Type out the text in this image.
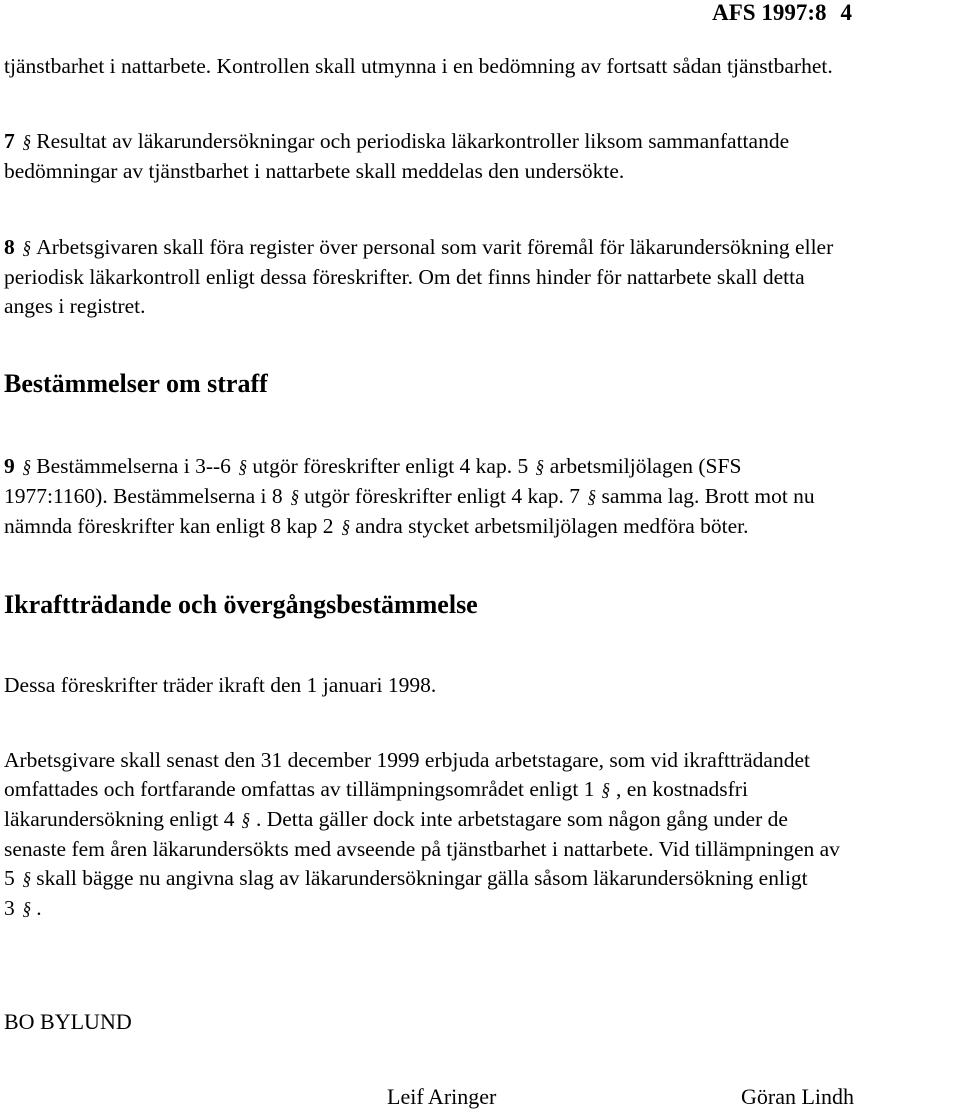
AFS 1997:8 4

tjänstbarhet i nattarbete. Kontrollen skall utmynna i en bedömning av fortsatt sådan tjänstbarhet.

7 § Resultat av läkarundersökningar och periodiska läkarkontroller liksom sammanfattande
bedömningar av tjänstbarhet i nattarbete skall meddelas den undersökte.

8 § Arbetsgivaren skall föra register över personal som varit föremål för läkarundersökning eller
periodisk läkarkontroll enligt dessa föreskrifter. Om det finns hinder för nattarbete skall detta
anges i registret.

Bestämmelser om straff

9 § Bestämmelserna i 3--6 § utgör föreskrifter enligt 4 kap. 5 § arbetsmiljölagen (SFS
1977:1160). Bestämmelserna i 8 § utgör föreskrifter enligt 4 kap. 7 § samma lag. Brott mot nu
nämnda föreskrifter kan enligt 8 kap 2 § andra stycket arbetsmiljölagen medföra böter.

Ikraftträdande och övergångsbestämmelse

Dessa föreskrifter träder ikraft den 1 januari 1998.

Arbetsgivare skall senast den 31 december 1999 erbjuda arbetstagare, som vid ikraftträdandet
omfattades och fortfarande omfattas av tillämpningsområdet enligt 1 § , en kostnadsfri
läkarundersökning enligt 4 § . Detta gäller dock inte arbetstagare som någon gång under de
senaste fem åren läkarundersökts med avseende på tjänstbarhet i nattarbete. Vid tillämpningen av
5 § skall bägge nu angivna slag av läkarundersökningar gälla såsom läkarundersökning enligt
3 § .

BO BYLUND

Leif Aringer	Göran Lindh
